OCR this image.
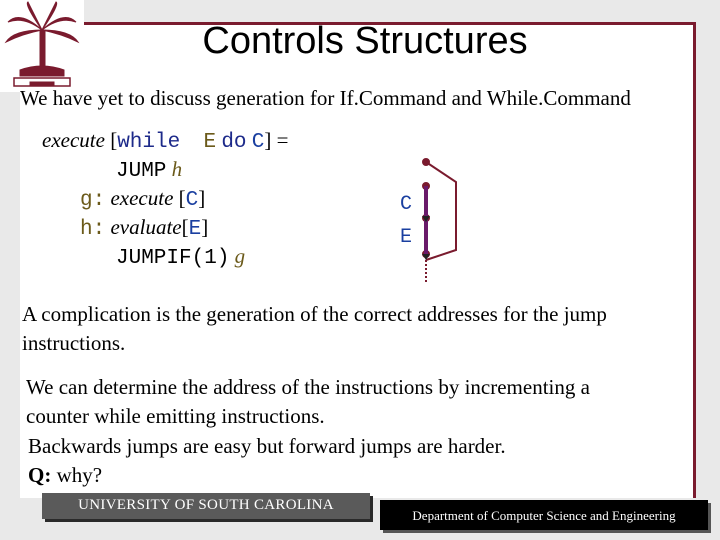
Controls Structures
We have yet to discuss generation for If.Command and While.Command
execute [while E do C] =
JUMP h
g: execute [C]
h: evaluate[E]
JUMPIF(1) g
C
E
A complication is the generation of the correct addresses for the jump
instructions.
We can determine the address of the instructions by incrementing a
counter while emitting instructions.
Backwards jumps are easy but forward jumps are harder.
Q: why?
UNIVERSITY OF SOUTH CAROLINA
Department of Computer Science and Engineering
